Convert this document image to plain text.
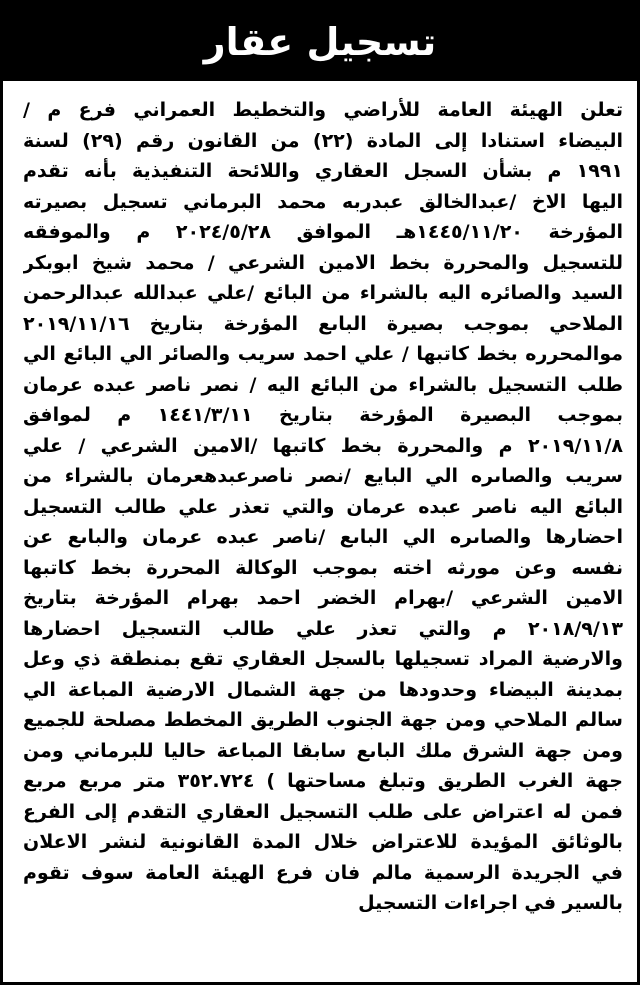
تسجيل عقار
تعلن الهيئة العامة للأراضي والتخطيط العمراني فرع م /
البيضاء استنادا إلى المادة (٢٢) من القانون رقم (٢٩) لسنة
١٩٩١ م بشأن السجل العقاري واللائحة التنفيذية بأنه تقدم
اليها الاخ /عبدالخالق عبدربه محمد البرماني تسجيل بصيرته
المؤرخة ١٤٤٥/١١/٢٠هـ الموافق ٢٠٢٤/٥/٢٨ م والموفقه
للتسجيل والمحررة بخط الامين الشرعي / محمد شيخ ابوبكر
السيد والصائره اليه بالشراء من البائع /علي عبدالله عبدالرحمن
الملاحي بموجب بصيرة الباىع المؤرخة بتاريخ ٢٠١٩/١١/١٦
موالمحرره بخط كاتبها / علي احمد سريب والصائر الي البائع الي
طلب التسجيل بالشراء من البائع اليه / نصر ناصر عبده عرمان
بموجب البصيرة المؤرخة بتاريخ ١٤٤١/٣/١١ م لموافق
٢٠١٩/١١/٨ م والمحررة بخط كاتبها /الامين الشرعي / علي
سريب والصاىره الي البايع /نصر ناصرعبدهعرمان بالشراء من
البائع اليه ناصر عبده عرمان والتي تعذر علي طالب التسجيل
احضارها والصاىره الي الباىع /ناصر عبده عرمان والباىع عن
نفسه وعن مورثه اخته بموجب الوكالة المحررة بخط كاتبها
الامين الشرعي /بهرام الخضر احمد بهرام المؤرخة بتاريخ
٢٠١٨/٩/١٣ م والتي تعذر علي طالب التسجيل احضارها
والارضية المراد تسجيلها بالسجل العقاري تقع بمنطقة ذي وعل
بمدينة البيضاء وحدودها من جهة الشمال الارضية المباعة الي
سالم الملاحي ومن جهة الجنوب الطريق المخطط مصلحة للجميع
ومن جهة الشرق ملك الباىع سابقا المباعة حاليا للبرماني ومن
جهة الغرب الطريق وتبلغ مساحتها ) ٣٥٢.٧٢٤ متر مربع مربع
فمن له اعتراض على طلب التسجيل العقاري التقدم إلى الفرع
بالوثائق المؤيدة للاعتراض خلال المدة القانونية لنشر الاعلان
في الجريدة الرسمية مالم فان فرع الهيئة العامة سوف تقوم
بالسير في اجراءات التسجيل
